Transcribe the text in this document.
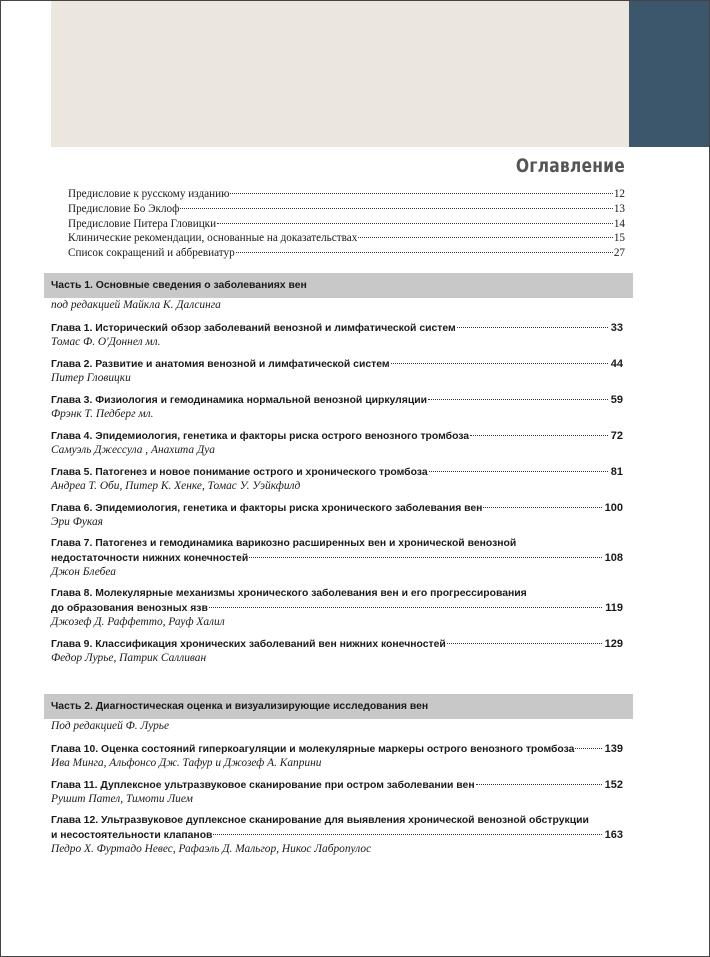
Оглавление
Предисловие к русскому изданию	12
Предисловие Бо Эклоф	13
Предисловие Питера Гловицки	14
Клинические рекомендации, основанные на доказательствах	15
Список сокращений и аббревиатур	27
Часть 1. Основные сведения о заболеваниях вен
под редакцией Майкла К. Далсинга
Глава 1. Исторический обзор заболеваний венозной и лимфатической систем	33
Томас Ф. О'Доннел мл.
Глава 2. Развитие и анатомия венозной и лимфатической систем	44
Питер Гловицки
Глава 3. Физиология и гемодинамика нормальной венозной циркуляции	59
Фрэнк Т. Педберг мл.
Глава 4. Эпидемиология, генетика и факторы риска острого венозного тромбоза	72
Самуэль Джессула , Анахита Дуа
Глава 5. Патогенез и новое понимание острого и хронического тромбоза	81
Андреа Т. Оби, Питер К. Хенке, Томас У. Уэйкфилд
Глава 6. Эпидемиология, генетика и факторы риска хронического заболевания вен	100
Эри Фукая
Глава 7. Патогенез и гемодинамика варикозно расширенных вен и хронической венозной
недостаточности нижних конечностей	108
Джон Блебеа
Глава 8. Молекулярные механизмы хронического заболевания вен и его прогрессирования
до образования венозных язв	119
Джозеф Д. Раффетто, Рауф Халил
Глава 9. Классификация хронических заболеваний вен нижних конечностей	129
Федор Лурье, Патрик Салливан
Часть 2. Диагностическая оценка и визуализирующие исследования вен
Под редакцией Ф. Лурье
Глава 10. Оценка состояний гиперкоагуляции и молекулярные маркеры острого венозного тромбоза	139
Ива Минга, Альфонсо Дж. Тафур и Джозеф А. Каприни
Глава 11. Дуплексное ультразвуковое сканирование при остром заболевании вен	152
Рушит Пател, Тимоти Лием
Глава 12. Ультразвуковое дуплексное сканирование для выявления хронической венозной обструкции
и несостоятельности клапанов	163
Педро Х. Фуртадо Невес, Рафаэль Д. Мальгор, Никос Лабропулос
